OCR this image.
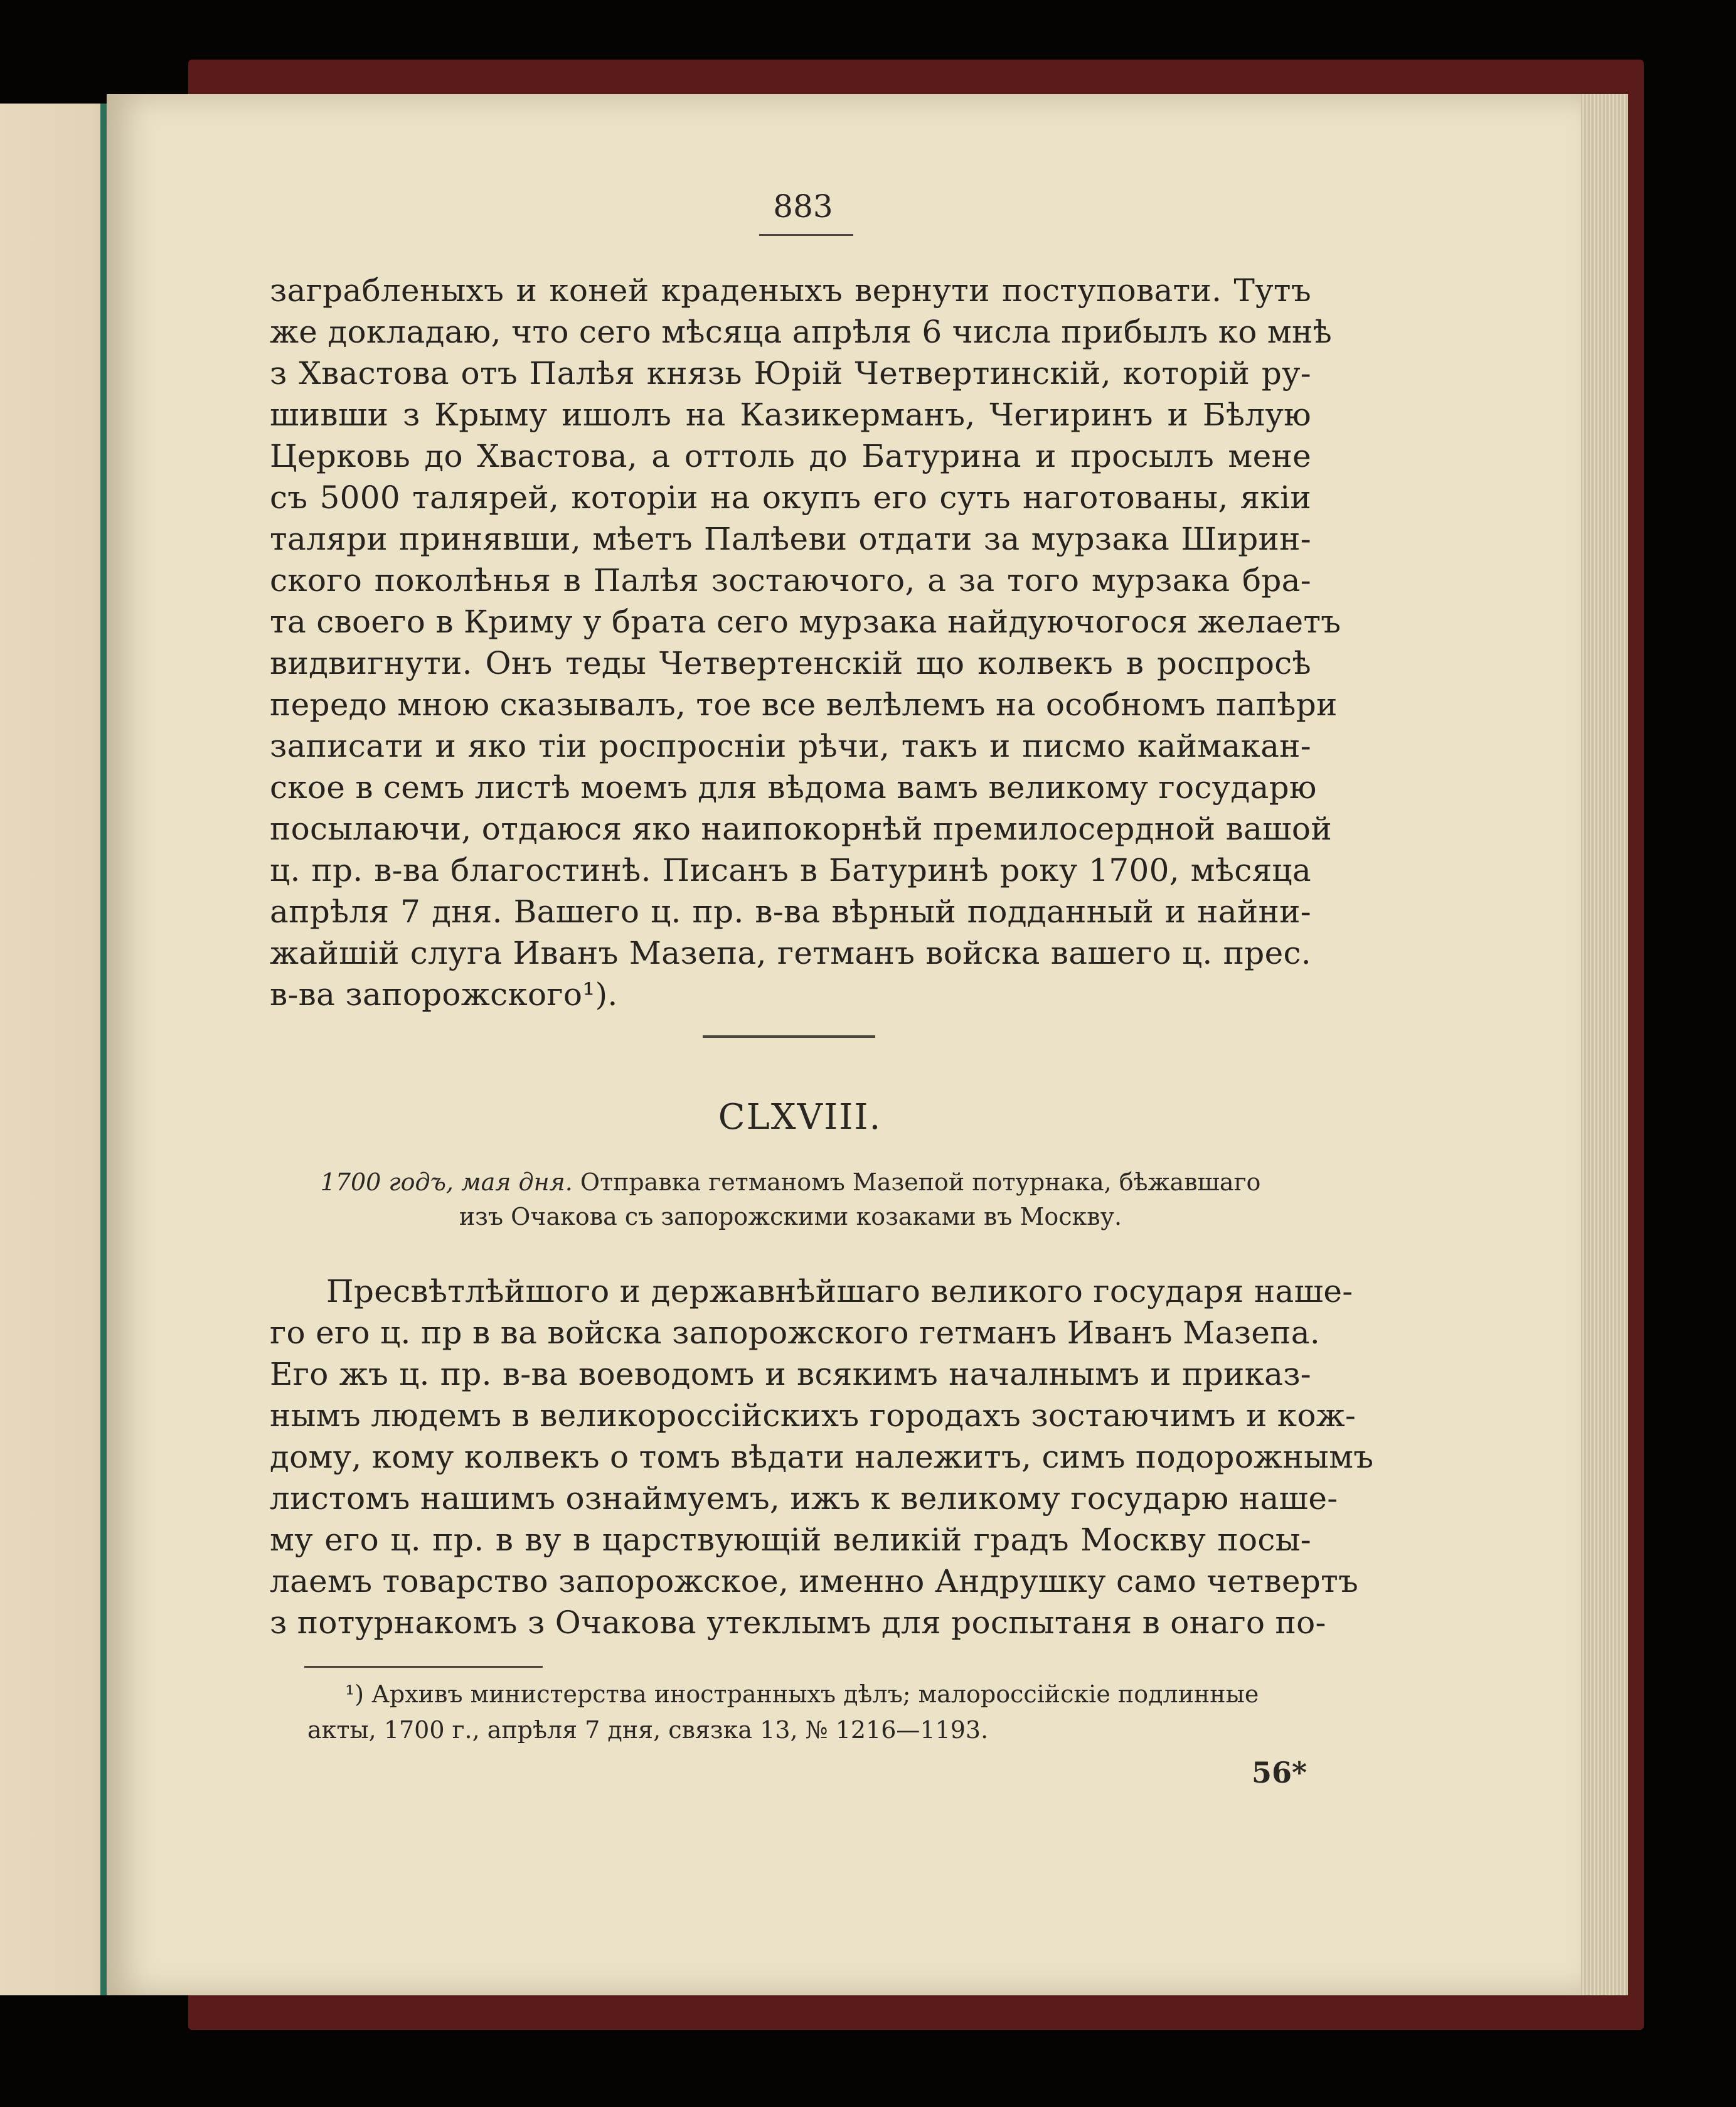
883
заграбленыхъ и коней краденыхъ вернути поступовати. Тутъ
же докладаю, что сего мѣсяца апрѣля 6 числа прибылъ ко мнѣ
з Хвастова отъ Палѣя князь Юрій Четвертинскій, которій ру-
шивши з Крыму ишолъ на Казикерманъ, Чегиринъ и Бѣлую
Церковь до Хвастова, а оттоль до Батурина и просылъ мене
съ 5000 талярей, которіи на окупъ его суть наготованы, якіи
таляри принявши, мѣетъ Палѣеви отдати за мурзака Ширин-
ского поколѣнья в Палѣя зостаючого, а за того мурзака бра-
та своего в Криму у брата сего мурзака найдуючогося желаетъ
видвигнути. Онъ теды Четвертенскій що колвекъ в роспросѣ
передо мною сказывалъ, тое все велѣлемъ на особномъ папѣри
записати и яко тіи роспросніи рѣчи, такъ и писмо каймакан-
ское в семъ листѣ моемъ для вѣдома вамъ великому государю
посылаючи, отдаюся яко наипокорнѣй премилосердной вашой
ц. пр. в-ва благостинѣ. Писанъ в Батуринѣ року 1700, мѣсяца
апрѣля 7 дня. Вашего ц. пр. в-ва вѣрный подданный и найни-
жайшій слуга Иванъ Мазепа, гетманъ войска вашего ц. прес.
в-ва запорожского¹).
CLXVIII.
1700 годъ, мая дня. Отправка гетманомъ Мазепой потурнака, бѣжавшаго
изъ Очакова съ запорожскими козаками въ Москву.
Пресвѣтлѣйшого и державнѣйшаго великого государя наше-
го его ц. пр в ва войска запорожского гетманъ Иванъ Мазепа.
Его жъ ц. пр. в-ва воеводомъ и всякимъ началнымъ и приказ-
нымъ людемъ в великороссійскихъ городахъ зостаючимъ и кож-
дому, кому колвекъ о томъ вѣдати належитъ, симъ подорожнымъ
листомъ нашимъ ознаймуемъ, ижъ к великому государю наше-
му его ц. пр. в ву в царствующій великій градъ Москву посы-
лаемъ товарство запорожское, именно Андрушку само четвертъ
з потурнакомъ з Очакова утеклымъ для роспытаня в онаго по-
¹) Архивъ министерства иностранныхъ дѣлъ; малороссійскіе подлинные
акты, 1700 г., апрѣля 7 дня, связка 13, № 1216—1193.
56*
